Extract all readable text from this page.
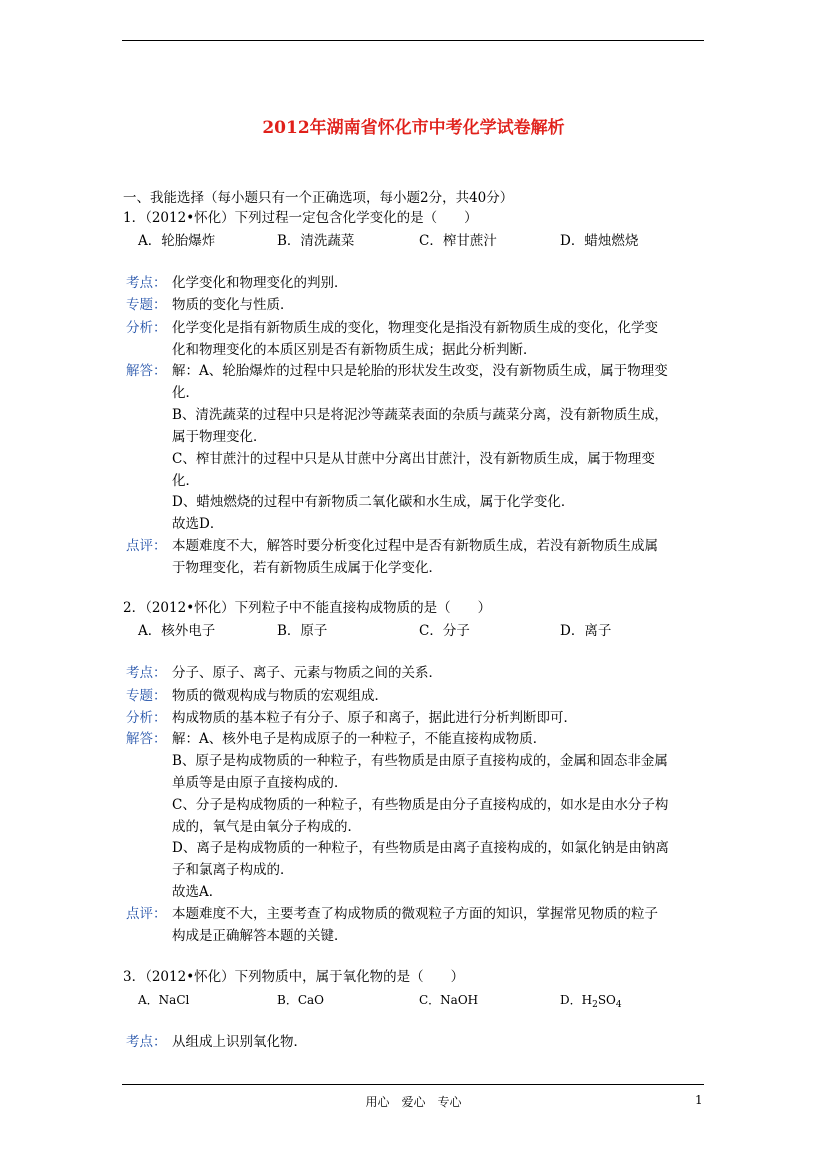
2012年湖南省怀化市中考化学试卷解析
一、我能选择（每小题只有一个正确选项，每小题2分，共40分）
1．（2012•怀化）下列过程一定包含化学变化的是（　　）
A．轮胎爆炸	B．清洗蔬菜	C．榨甘蔗汁	D．蜡烛燃烧
考点： 化学变化和物理变化的判别．
专题： 物质的变化与性质．
分析： 化学变化是指有新物质生成的变化，物理变化是指没有新物质生成的变化，化学变
化和物理变化的本质区别是否有新物质生成；据此分析判断．
解答： 解：A、轮胎爆炸的过程中只是轮胎的形状发生改变，没有新物质生成，属于物理变
化．
B、清洗蔬菜的过程中只是将泥沙等蔬菜表面的杂质与蔬菜分离，没有新物质生成，
属于物理变化．
C、榨甘蔗汁的过程中只是从甘蔗中分离出甘蔗汁，没有新物质生成，属于物理变
化．
D、蜡烛燃烧的过程中有新物质二氧化碳和水生成，属于化学变化．
故选D．
点评： 本题难度不大，解答时要分析变化过程中是否有新物质生成，若没有新物质生成属
于物理变化，若有新物质生成属于化学变化．
2．（2012•怀化）下列粒子中不能直接构成物质的是（　　）
A．核外电子	B．原子	C．分子	D．离子
考点： 分子、原子、离子、元素与物质之间的关系．
专题： 物质的微观构成与物质的宏观组成．
分析： 构成物质的基本粒子有分子、原子和离子，据此进行分析判断即可．
解答： 解：A、核外电子是构成原子的一种粒子，不能直接构成物质．
B、原子是构成物质的一种粒子，有些物质是由原子直接构成的，金属和固态非金属
单质等是由原子直接构成的．
C、分子是构成物质的一种粒子，有些物质是由分子直接构成的，如水是由水分子构
成的，氧气是由氧分子构成的．
D、离子是构成物质的一种粒子，有些物质是由离子直接构成的，如氯化钠是由钠离
子和氯离子构成的．
故选A．
点评： 本题难度不大，主要考查了构成物质的微观粒子方面的知识，掌握常见物质的粒子
构成是正确解答本题的关键．
3．（2012•怀化）下列物质中，属于氧化物的是（　　）
A．NaCl	B．CaO	C．NaOH	D．$H_2SO_4$
考点： 从组成上识别氧化物．
用心　爱心　专心	1
